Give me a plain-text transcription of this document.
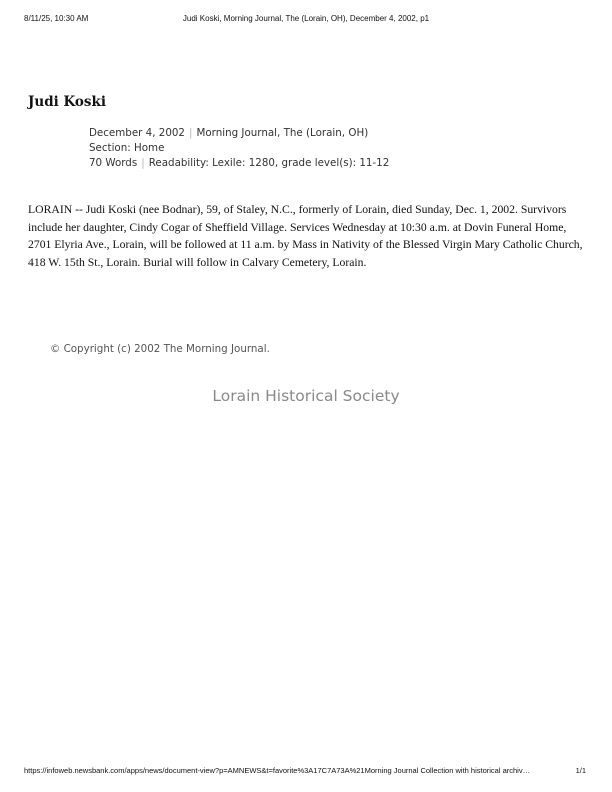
8/11/25, 10:30 AM	Judi Koski, Morning Journal, The (Lorain, OH), December 4, 2002, p1
Judi Koski
December 4, 2002 | Morning Journal, The (Lorain, OH)
Section: Home
70 Words | Readability: Lexile: 1280, grade level(s): 11-12
LORAIN -- Judi Koski (nee Bodnar), 59, of Staley, N.C., formerly of Lorain, died Sunday, Dec. 1, 2002. Survivors include her daughter, Cindy Cogar of Sheffield Village. Services Wednesday at 10:30 a.m. at Dovin Funeral Home, 2701 Elyria Ave., Lorain, will be followed at 11 a.m. by Mass in Nativity of the Blessed Virgin Mary Catholic Church, 418 W. 15th St., Lorain. Burial will follow in Calvary Cemetery, Lorain.
© Copyright (c) 2002 The Morning Journal.
Lorain Historical Society
https://infoweb.newsbank.com/apps/news/document-view?p=AMNEWS&t=favorite%3A17C7A73A%21Morning Journal Collection with historical archiv…	1/1
